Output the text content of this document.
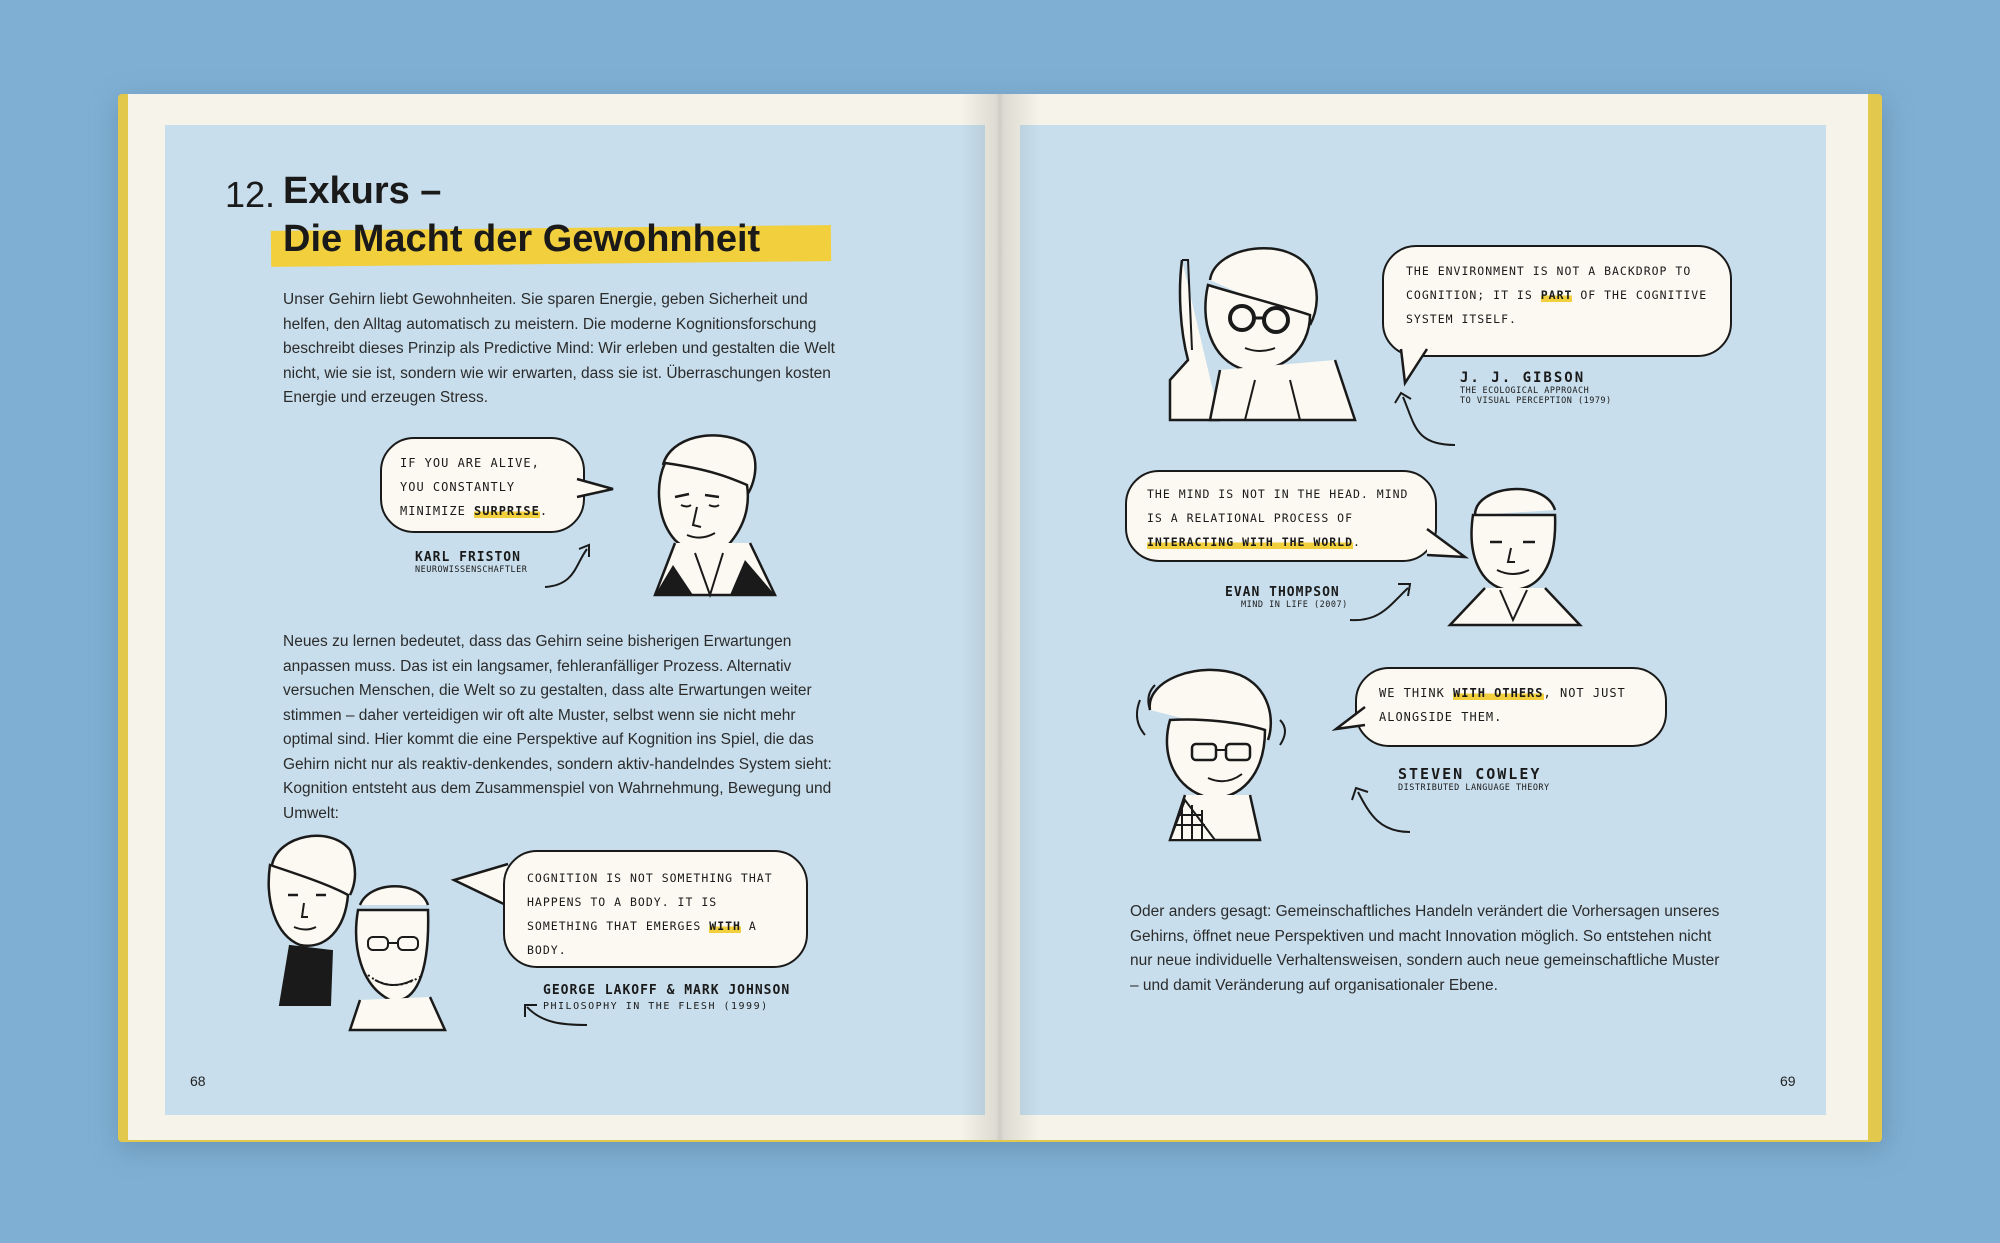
12. Exkurs –
Die Macht der Gewohnheit

Unser Gehirn liebt Gewohnheiten. Sie sparen Energie, geben Sicherheit und helfen, den Alltag automatisch zu meistern. Die moderne Kognitionsforschung beschreibt dieses Prinzip als Predictive Mind: Wir erleben und gestalten die Welt nicht, wie sie ist, sondern wie wir erwarten, dass sie ist. Überraschungen kosten Energie und erzeugen Stress.

IF YOU ARE ALIVE, YOU CONSTANTLY MINIMIZE SURPRISE.
KARL FRISTON
NEUROWISSENSCHAFTLER

Neues zu lernen bedeutet, dass das Gehirn seine bisherigen Erwartungen anpassen muss. Das ist ein langsamer, fehleranfälliger Prozess. Alternativ versuchen Menschen, die Welt so zu gestalten, dass alte Erwartungen weiter stimmen – daher verteidigen wir oft alte Muster, selbst wenn sie nicht mehr optimal sind. Hier kommt die eine Perspektive auf Kognition ins Spiel, die das Gehirn nicht nur als reaktiv-denkendes, sondern aktiv-handelndes System sieht: Kognition entsteht aus dem Zusammenspiel von Wahrnehmung, Bewegung und Umwelt:

COGNITION IS NOT SOMETHING THAT HAPPENS TO A BODY. IT IS SOMETHING THAT EMERGES WITH A BODY.
GEORGE LAKOFF & MARK JOHNSON
PHILOSOPHY IN THE FLESH (1999)
68
THE ENVIRONMENT IS NOT A BACKDROP TO COGNITION; IT IS PART OF THE COGNITIVE SYSTEM ITSELF.
J. J. GIBSON
THE ECOLOGICAL APPROACH
TO VISUAL PERCEPTION (1979)
THE MIND IS NOT IN THE HEAD. MIND IS A RELATIONAL PROCESS OF INTERACTING WITH THE WORLD.
EVAN THOMPSON
MIND IN LIFE (2007)
WE THINK WITH OTHERS, NOT JUST ALONGSIDE THEM.
STEVEN COWLEY
DISTRIBUTED LANGUAGE THEORY

Oder anders gesagt: Gemeinschaftliches Handeln verändert die Vorhersagen unseres Gehirns, öffnet neue Perspektiven und macht Innovation möglich. So entstehen nicht nur neue individuelle Verhaltensweisen, sondern auch neue gemeinschaftliche Muster – und damit Veränderung auf organisationaler Ebene.

69
